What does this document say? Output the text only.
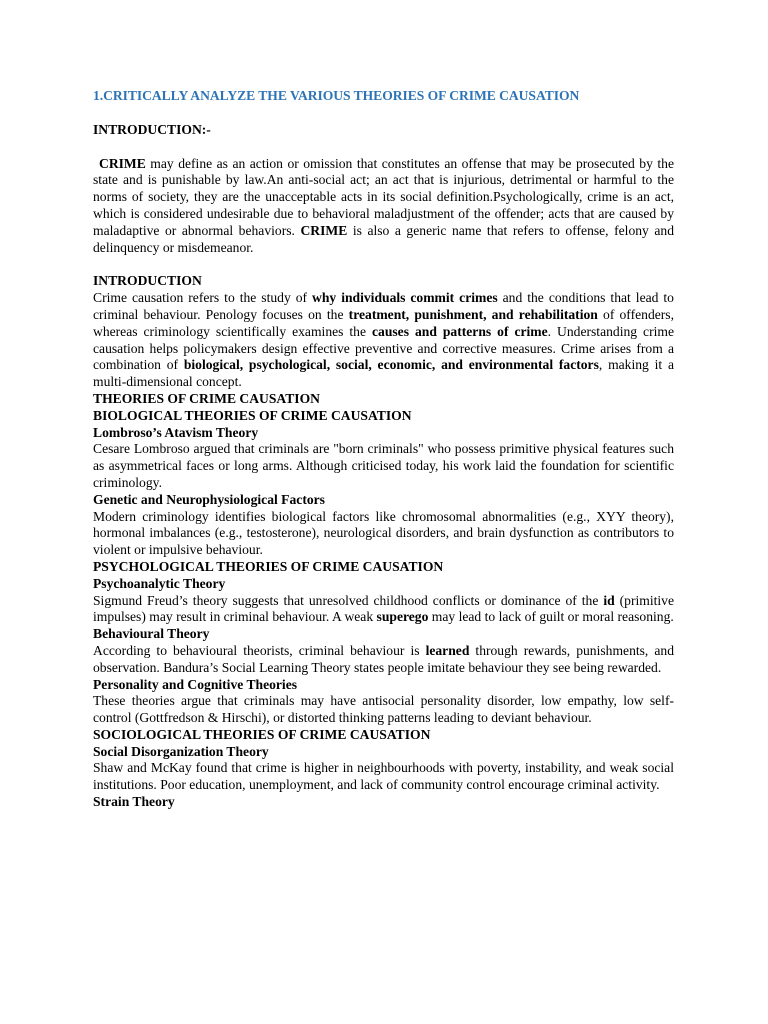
1.CRITICALLY ANALYZE THE VARIOUS THEORIES OF CRIME CAUSATION
INTRODUCTION:-

CRIME may define as an action or omission that constitutes an offense that may be prosecuted by the state and is punishable by law.An anti-social act; an act that is injurious, detrimental or harmful to the norms of society, they are the unacceptable acts in its social definition.Psychologically, crime is an act, which is considered undesirable due to behavioral maladjustment of the offender; acts that are caused by maladaptive or abnormal behaviors. CRIME is also a generic name that refers to offense, felony and delinquency or misdemeanor.

INTRODUCTION

Crime causation refers to the study of why individuals commit crimes and the conditions that lead to criminal behaviour. Penology focuses on the treatment, punishment, and rehabilitation of offenders, whereas criminology scientifically examines the causes and patterns of crime. Understanding crime causation helps policymakers design effective preventive and corrective measures. Crime arises from a combination of biological, psychological, social, economic, and environmental factors, making it a multi-dimensional concept.

THEORIES OF CRIME CAUSATION
BIOLOGICAL THEORIES OF CRIME CAUSATION
Lombroso’s Atavism Theory

Cesare Lombroso argued that criminals are "born criminals" who possess primitive physical features such as asymmetrical faces or long arms. Although criticised today, his work laid the foundation for scientific criminology.

Genetic and Neurophysiological Factors

Modern criminology identifies biological factors like chromosomal abnormalities (e.g., XYY theory), hormonal imbalances (e.g., testosterone), neurological disorders, and brain dysfunction as contributors to violent or impulsive behaviour.

PSYCHOLOGICAL THEORIES OF CRIME CAUSATION
Psychoanalytic Theory

Sigmund Freud’s theory suggests that unresolved childhood conflicts or dominance of the id (primitive impulses) may result in criminal behaviour. A weak superego may lead to lack of guilt or moral reasoning.

Behavioural Theory

According to behavioural theorists, criminal behaviour is learned through rewards, punishments, and observation. Bandura’s Social Learning Theory states people imitate behaviour they see being rewarded.

Personality and Cognitive Theories

These theories argue that criminals may have antisocial personality disorder, low empathy, low self-control (Gottfredson & Hirschi), or distorted thinking patterns leading to deviant behaviour.

SOCIOLOGICAL THEORIES OF CRIME CAUSATION
Social Disorganization Theory

Shaw and McKay found that crime is higher in neighbourhoods with poverty, instability, and weak social institutions. Poor education, unemployment, and lack of community control encourage criminal activity.

Strain Theory
